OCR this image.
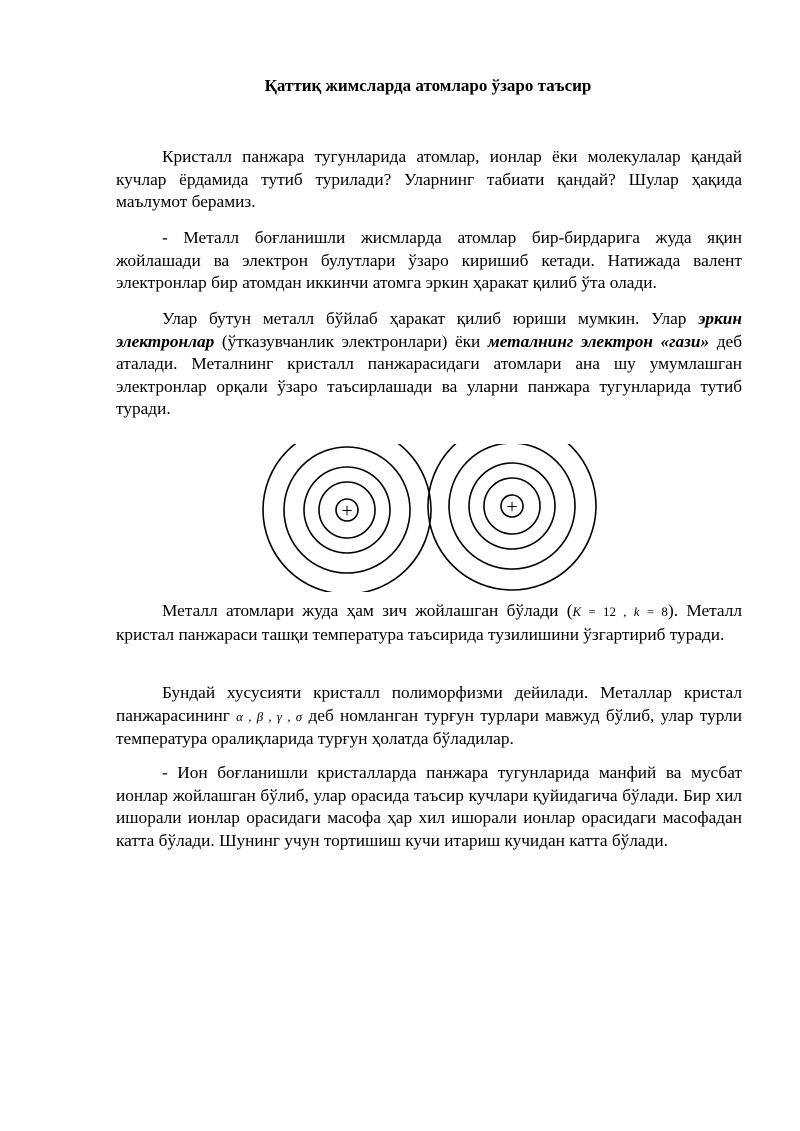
Қаттиқ жимсларда атомларо ўзаро таъсир

Кристалл панжара тугунларида атомлар, ионлар ёки молекулалар қандай кучлар ёрдамида тутиб турилади? Уларнинг табиати қандай? Шулар ҳақида маълумот берамиз.

- Металл боғланишли жисмларда атомлар бир-бирдарига жуда яқин жойлашади ва электрон булутлари ўзаро киришиб кетади. Натижада валент электронлар бир атомдан иккинчи атомга эркин ҳаракат қилиб ўта олади.

Улар бутун металл бўйлаб ҳаракат қилиб юриши мумкин. Улар эркин электронлар (ўтказувчанлик электронлари) ёки металнинг электрон «гази» деб аталади. Металнинг кристалл панжарасидаги атомлари ана шу умумлашган электронлар орқали ўзаро таъсирлашади ва уларни панжара тугунларида тутиб туради.

+	+

Металл атомлари жуда ҳам зич жойлашган бўлади (K = 12 , k = 8). Металл кристал панжараси ташқи температура таъсирида тузилишини ўзгартириб туради.

Бундай хусусияти кристалл полиморфизми дейилади. Металлар кристал панжарасининг α , β , γ , σ деб номланган турғун турлари мавжуд бўлиб, улар турли температура оралиқларида турғун ҳолатда бўладилар.

- Ион боғланишли кристалларда панжара тугунларида манфий ва мусбат ионлар жойлашган бўлиб, улар орасида таъсир кучлари қуйидагича бўлади. Бир хил ишорали ионлар орасидаги масофа ҳар хил ишорали ионлар орасидаги масофадан катта бўлади. Шунинг учун тортишиш кучи итариш кучидан катта бўлади.
